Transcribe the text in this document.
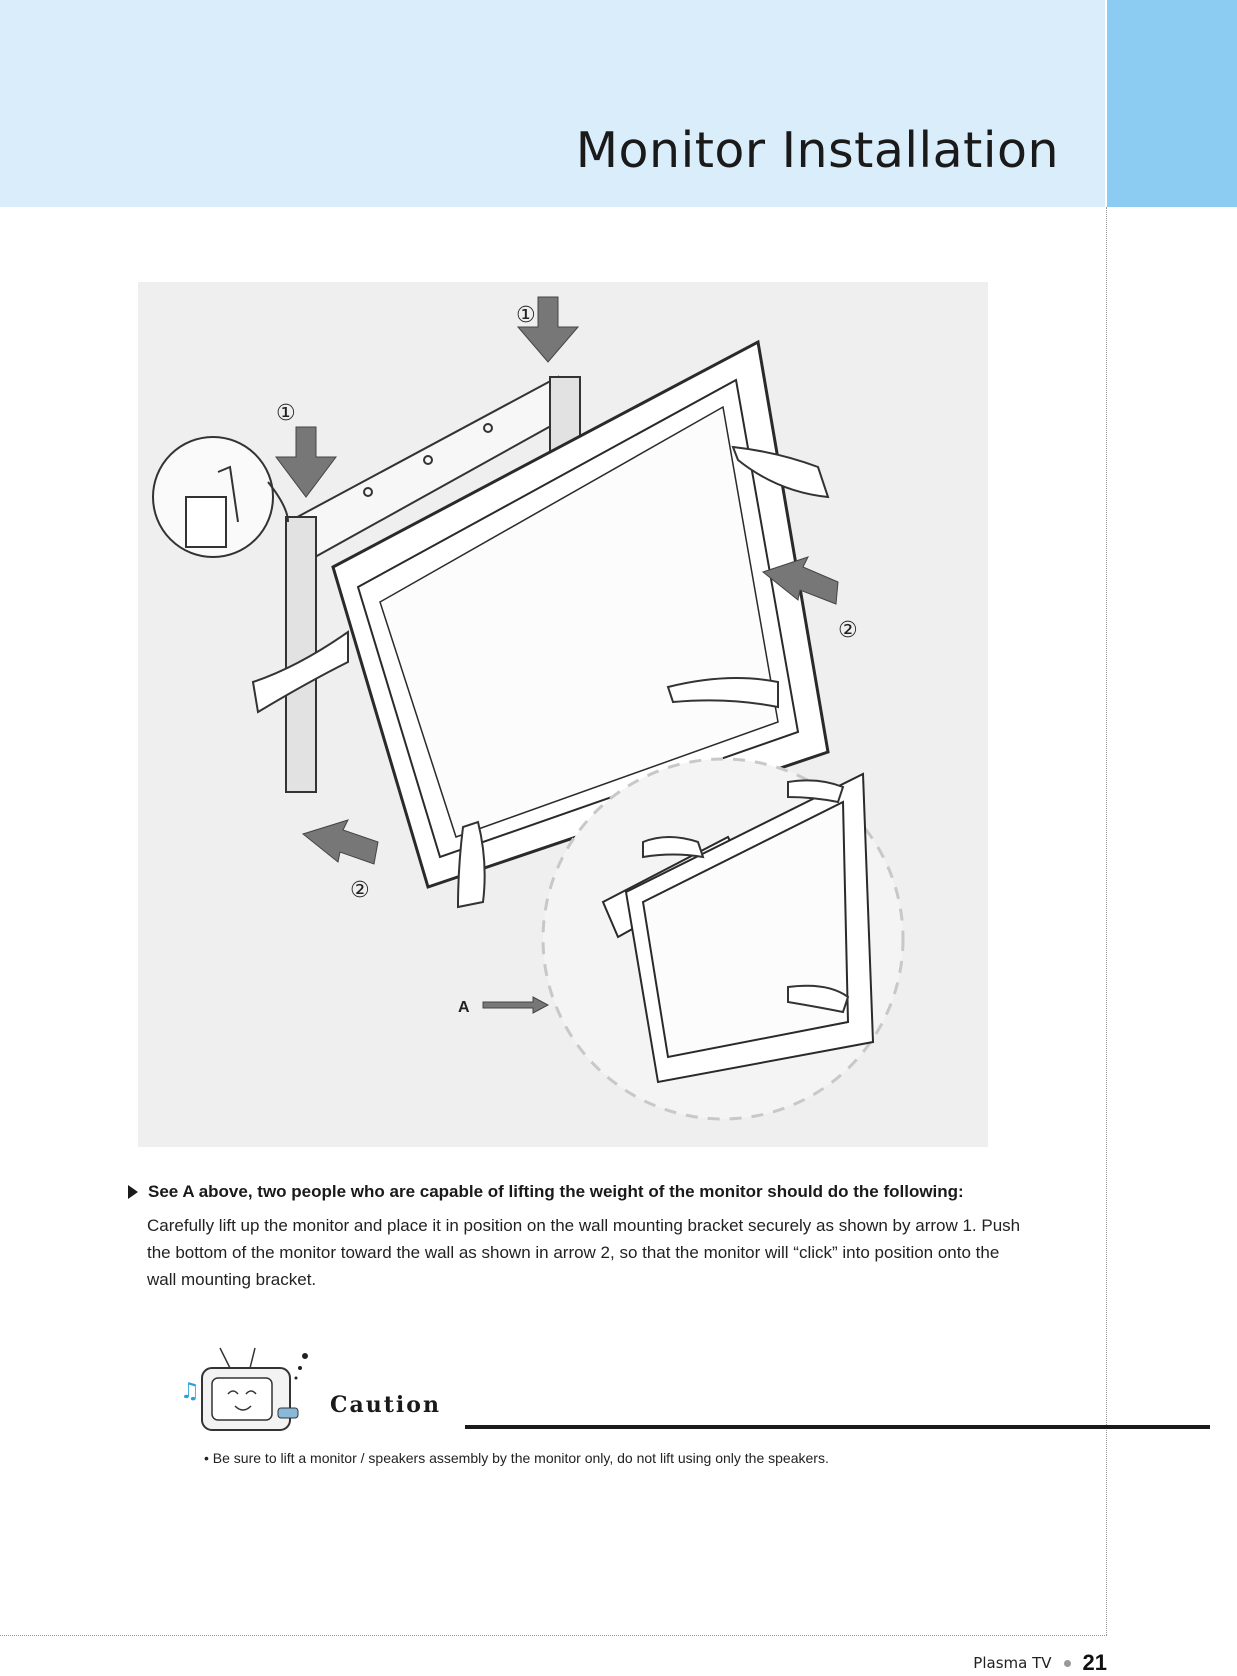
Monitor Installation
①
①
②
②
A
See A above, two people who are capable of lifting the weight of the monitor should do the following:
Carefully lift up the monitor and place it in position on the wall mounting bracket securely as shown by arrow 1. Push the bottom of the monitor toward the wall as shown in arrow 2, so that the monitor will “click” into position onto the wall mounting bracket.
♫
Caution
• Be sure to lift a monitor / speakers assembly by the monitor only, do not lift using only the speakers.
Plasma TV 21
